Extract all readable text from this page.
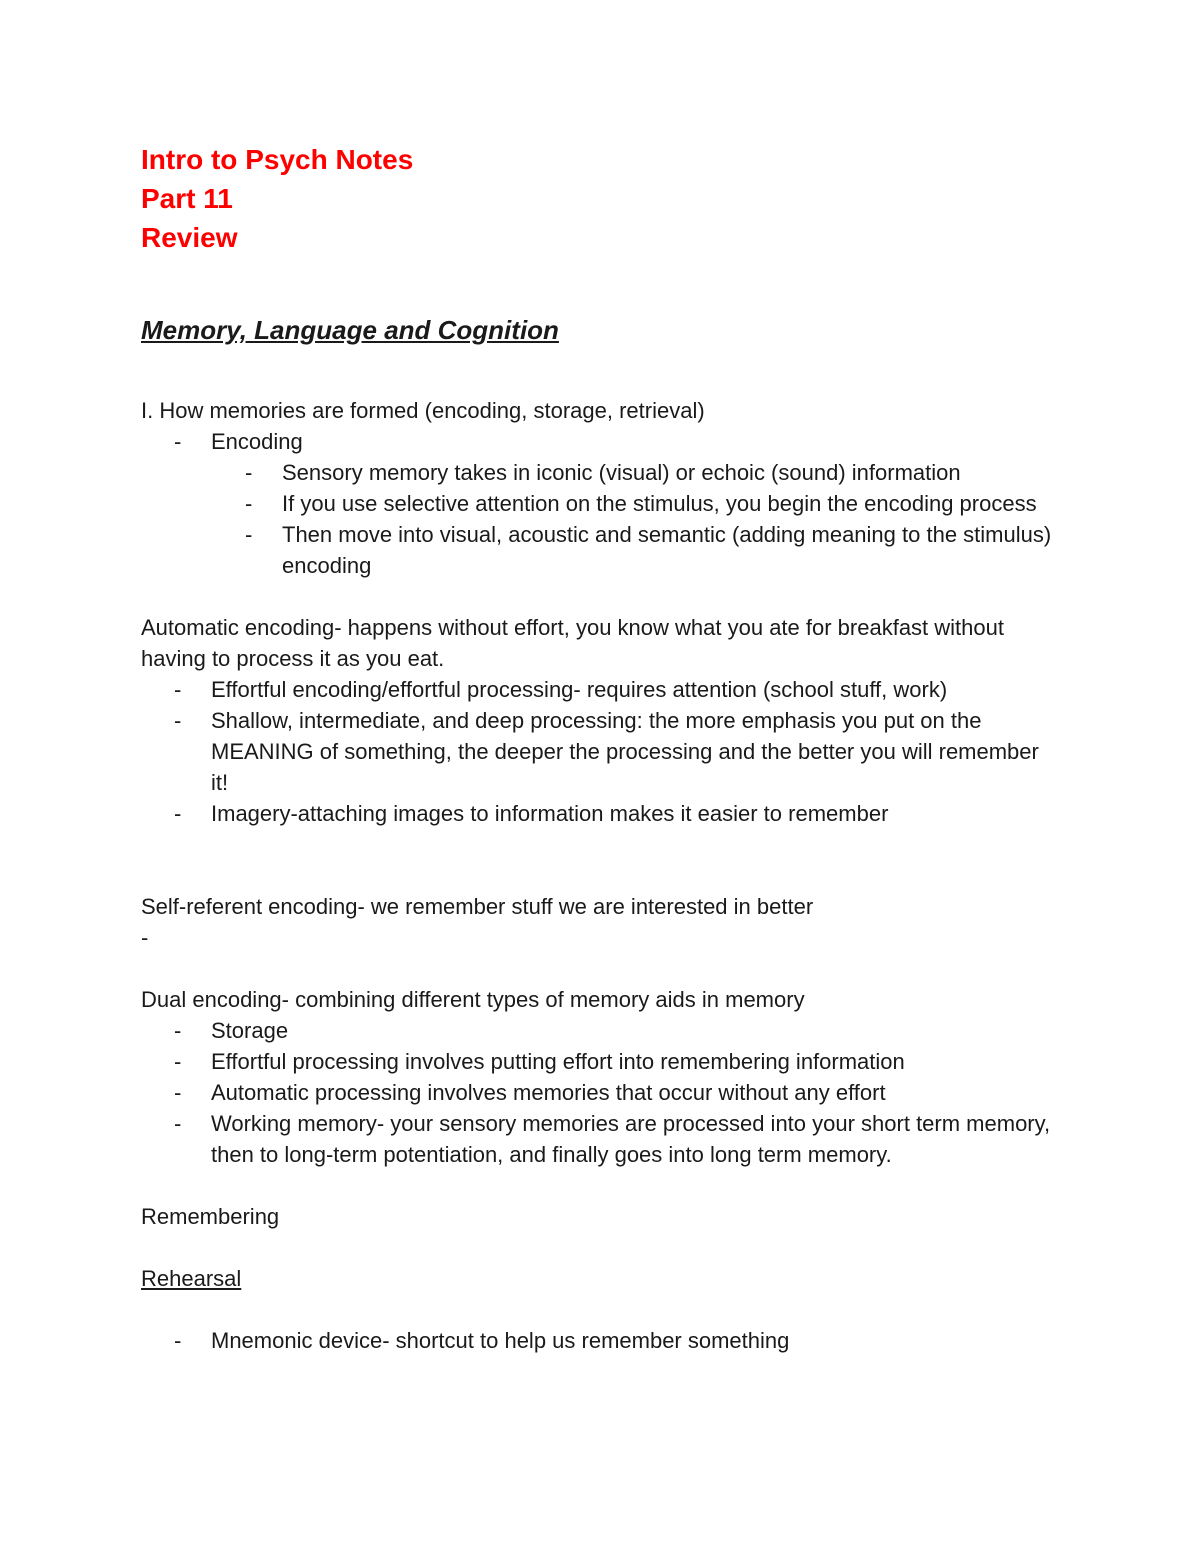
Intro to Psych Notes
Part 11
Review
Memory, Language and Cognition

I. How memories are formed (encoding, storage, retrieval)

- Encoding
- Sensory memory takes in iconic (visual) or echoic (sound) information
- If you use selective attention on the stimulus, you begin the encoding process
- Then move into visual, acoustic and semantic (adding meaning to the stimulus) encoding

Automatic encoding- happens without effort, you know what you ate for breakfast without having to process it as you eat.

- Effortful encoding/effortful processing- requires attention (school stuff, work)
- Shallow, intermediate, and deep processing: the more emphasis you put on the MEANING of something, the deeper the processing and the better you will remember it!
- Imagery-attaching images to information makes it easier to remember

Self-referent encoding- we remember stuff we are interested in better

-

Dual encoding- combining different types of memory aids in memory

- Storage
- Effortful processing involves putting effort into remembering information
- Automatic processing involves memories that occur without any effort
- Working memory- your sensory memories are processed into your short term memory, then to long-term potentiation, and finally goes into long term memory.

Remembering

Rehearsal

- Mnemonic device- shortcut to help us remember something
